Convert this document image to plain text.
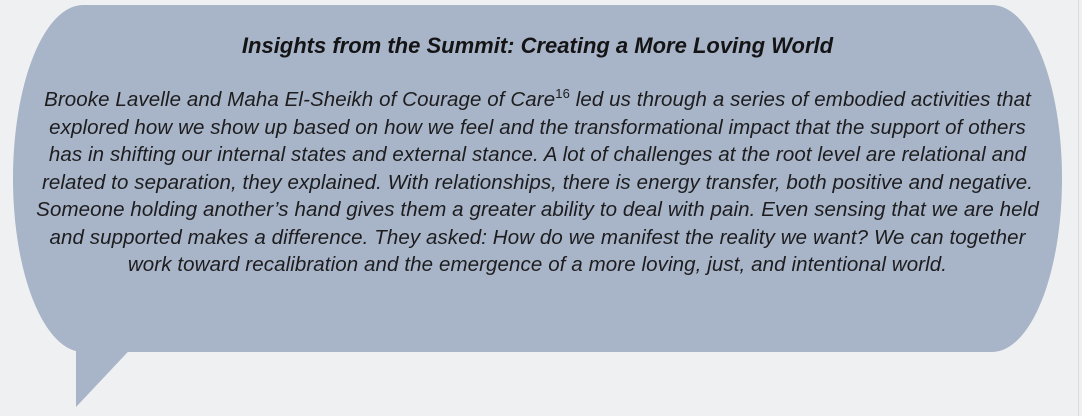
Insights from the Summit: Creating a More Loving World

Brooke Lavelle and Maha El-Sheikh of Courage of Care$^{16}$ led us through a series of embodied activities that explored how we show up based on how we feel and the transformational impact that the support of others has in shifting our internal states and external stance. A lot of challenges at the root level are relational and related to separation, they explained. With relationships, there is energy transfer, both positive and negative. Someone holding another’s hand gives them a greater ability to deal with pain. Even sensing that we are held and supported makes a difference. They asked: How do we manifest the reality we want? We can together work toward recalibration and the emergence of a more loving, just, and intentional world.
